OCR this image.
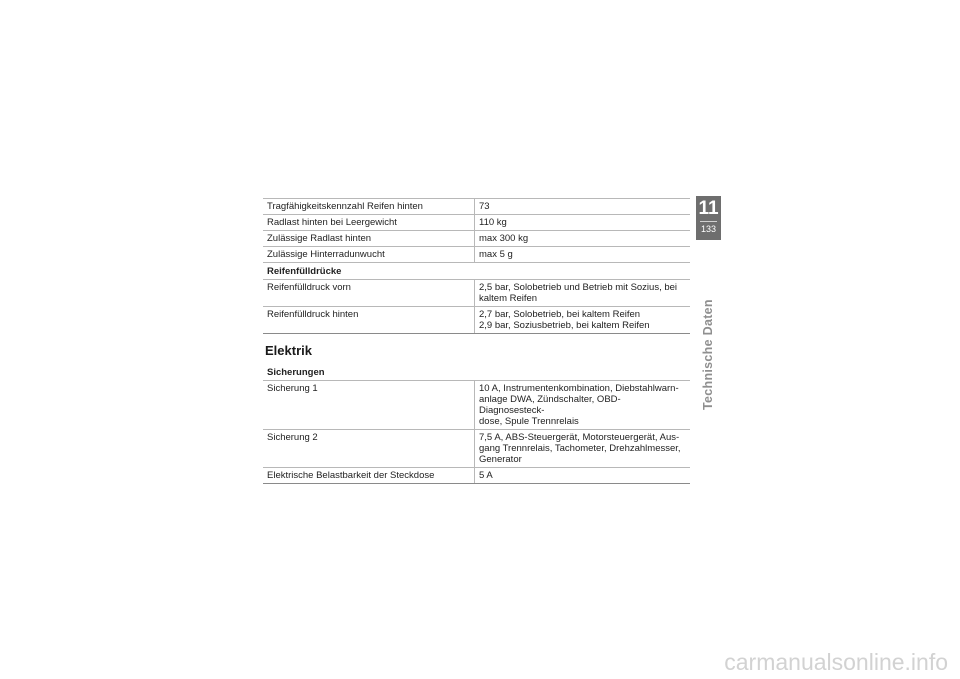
Tragfähigkeitskennzahl Reifen hinten	73
Radlast hinten bei Leergewicht	110 kg
Zulässige Radlast hinten	max 300 kg
Zulässige Hinterradunwucht	max 5 g
Reifenfülldrücke	
Reifenfülldruck vorn	2,5 bar, Solobetrieb und Betrieb mit Sozius, bei
kaltem Reifen

Reifenfülldruck hinten	2,7 bar, Solobetrieb, bei kaltem Reifen
2,9 bar, Soziusbetrieb, bei kaltem Reifen
Elektrik
Sicherungen	
Sicherung 1	10 A, Instrumentenkombination, Diebstahlwarn-
anlage DWA, Zündschalter, OBD-Diagnosesteck-
dose, Spule Trennrelais

Sicherung 2	7,5 A, ABS-Steuergerät, Motorsteuergerät, Aus-
gang Trennrelais, Tachometer, Drehzahlmesser,
Generator

Elektrische Belastbarkeit der Steckdose	5 A
11
133
Technische Daten
carmanualsonline.info
